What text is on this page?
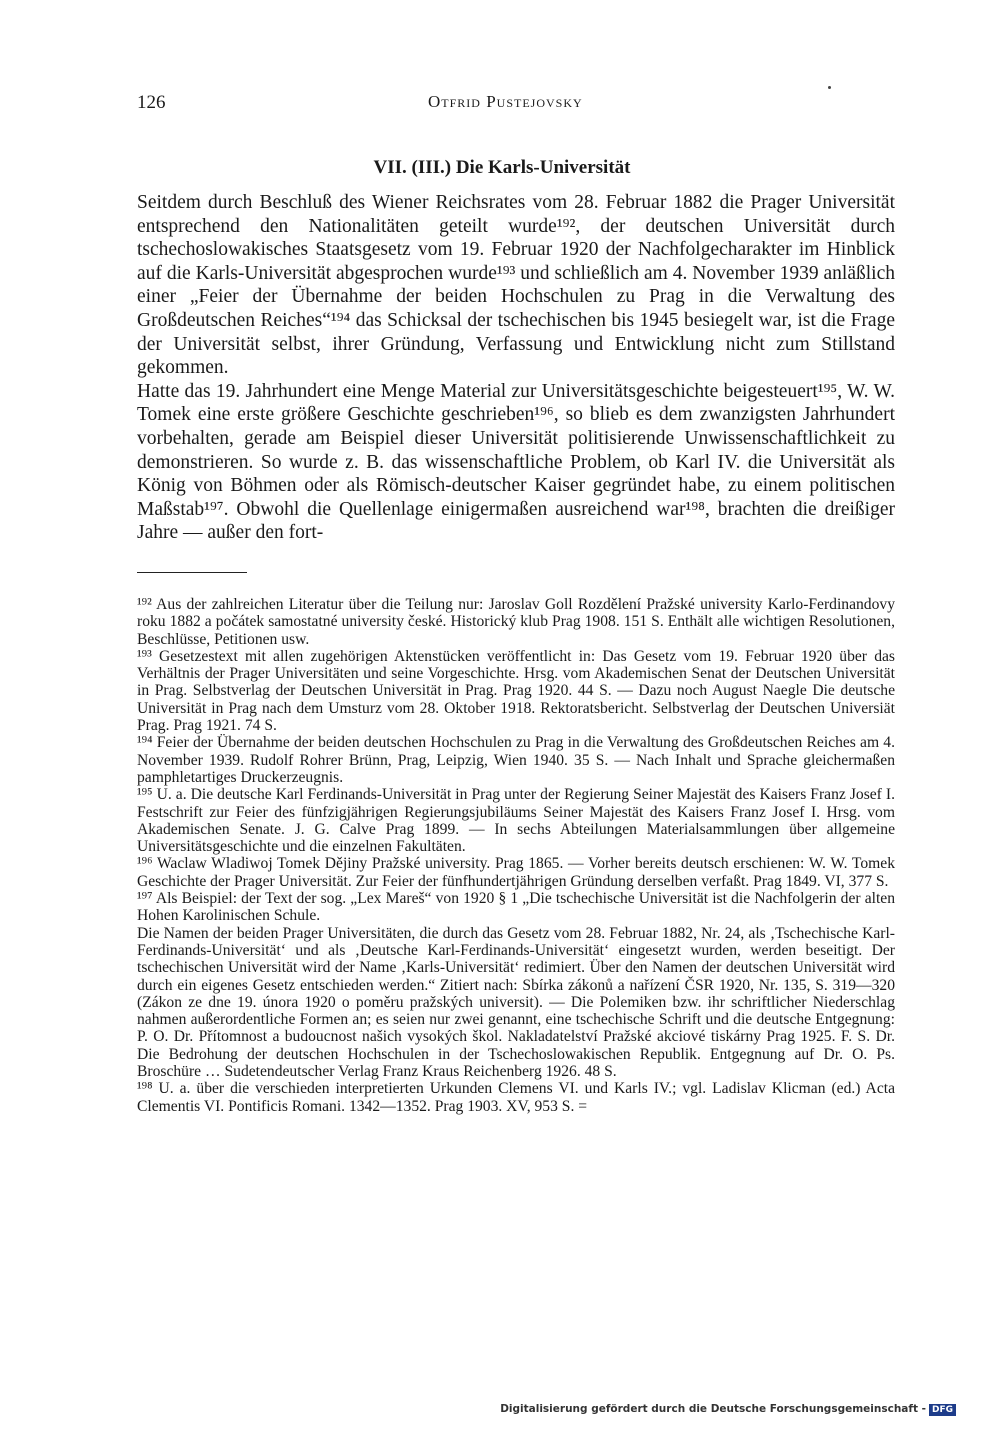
126	Otfrid Pustejovsky
VII. (III.) Die Karls-Universität

Seitdem durch Beschluß des Wiener Reichsrates vom 28. Februar 1882 die Prager Universität entsprechend den Nationalitäten geteilt wurde¹⁹², der deutschen Universität durch tschechoslowakisches Staatsgesetz vom 19. Februar 1920 der Nachfolgecharakter im Hinblick auf die Karls-Universität abgesprochen wurde¹⁹³ und schließlich am 4. November 1939 anläßlich einer „Feier der Übernahme der beiden Hochschulen zu Prag in die Verwaltung des Großdeutschen Reiches“¹⁹⁴ das Schicksal der tschechischen bis 1945 besiegelt war, ist die Frage der Universität selbst, ihrer Gründung, Verfassung und Entwicklung nicht zum Stillstand gekommen.

Hatte das 19. Jahrhundert eine Menge Material zur Universitätsgeschichte beigesteuert¹⁹⁵, W. W. Tomek eine erste größere Geschichte geschrieben¹⁹⁶, so blieb es dem zwanzigsten Jahrhundert vorbehalten, gerade am Beispiel dieser Universität politisierende Unwissenschaftlichkeit zu demonstrieren. So wurde z. B. das wissenschaftliche Problem, ob Karl IV. die Universität als König von Böhmen oder als Römisch-deutscher Kaiser gegründet habe, zu einem politischen Maßstab¹⁹⁷. Obwohl die Quellenlage einigermaßen ausreichend war¹⁹⁸, brachten die dreißiger Jahre — außer den fort-

¹⁹² Aus der zahlreichen Literatur über die Teilung nur: Jaroslav Goll Rozdělení Pražské university Karlo-Ferdinandovy roku 1882 a počátek samostatné university české. Historický klub Prag 1908. 151 S. Enthält alle wichtigen Resolutionen, Beschlüsse, Petitionen usw.

¹⁹³ Gesetzestext mit allen zugehörigen Aktenstücken veröffentlicht in: Das Gesetz vom 19. Februar 1920 über das Verhältnis der Prager Universitäten und seine Vorgeschichte. Hrsg. vom Akademischen Senat der Deutschen Universität in Prag. Selbstverlag der Deutschen Universität in Prag. Prag 1920. 44 S. — Dazu noch August Naegle Die deutsche Universität in Prag nach dem Umsturz vom 28. Oktober 1918. Rektoratsbericht. Selbstverlag der Deutschen Universiät Prag. Prag 1921. 74 S.

¹⁹⁴ Feier der Übernahme der beiden deutschen Hochschulen zu Prag in die Verwaltung des Großdeutschen Reiches am 4. November 1939. Rudolf Rohrer Brünn, Prag, Leipzig, Wien 1940. 35 S. — Nach Inhalt und Sprache gleichermaßen pamphletartiges Druckerzeugnis.

¹⁹⁵ U. a. Die deutsche Karl Ferdinands-Universität in Prag unter der Regierung Seiner Majestät des Kaisers Franz Josef I. Festschrift zur Feier des fünfzigjährigen Regierungsjubiläums Seiner Majestät des Kaisers Franz Josef I. Hrsg. vom Akademischen Senate. J. G. Calve Prag 1899. — In sechs Abteilungen Materialsammlungen über allgemeine Universitätsgeschichte und die einzelnen Fakultäten.

¹⁹⁶ Waclaw Wladiwoj Tomek Dějiny Pražské university. Prag 1865. — Vorher bereits deutsch erschienen: W. W. Tomek Geschichte der Prager Universität. Zur Feier der fünfhundertjährigen Gründung derselben verfaßt. Prag 1849. VI, 377 S.

¹⁹⁷ Als Beispiel: der Text der sog. „Lex Mareš“ von 1920 § 1 „Die tschechische Universität ist die Nachfolgerin der alten Hohen Karolinischen Schule.

Die Namen der beiden Prager Universitäten, die durch das Gesetz vom 28. Februar 1882, Nr. 24, als ‚Tschechische Karl-Ferdinands-Universität‘ und als ‚Deutsche Karl-Ferdinands-Universität‘ eingesetzt wurden, werden beseitigt. Der tschechischen Universität wird der Name ‚Karls-Universität‘ redimiert. Über den Namen der deutschen Universität wird durch ein eigenes Gesetz entschieden werden.“ Zitiert nach: Sbírka zákonů a nařízení ČSR 1920, Nr. 135, S. 319—320 (Zákon ze dne 19. února 1920 o poměru pražských universit). — Die Polemiken bzw. ihr schriftlicher Niederschlag nahmen außerordentliche Formen an; es seien nur zwei genannt, eine tschechische Schrift und die deutsche Entgegnung: P. O. Dr. Přítomnost a budoucnost našich vysokých škol. Nakladatelství Pražské akciové tiskárny Prag 1925. F. S. Dr. Die Bedrohung der deutschen Hochschulen in der Tschechoslowakischen Republik. Entgegnung auf Dr. O. Ps. Broschüre … Sudetendeutscher Verlag Franz Kraus Reichenberg 1926. 48 S.

¹⁹⁸ U. a. über die verschieden interpretierten Urkunden Clemens VI. und Karls IV.; vgl. Ladislav Klicman (ed.) Acta Clementis VI. Pontificis Romani. 1342—1352. Prag 1903. XV, 953 S. =

Digitalisierung gefördert durch die Deutsche Forschungsgemeinschaft - DFG
